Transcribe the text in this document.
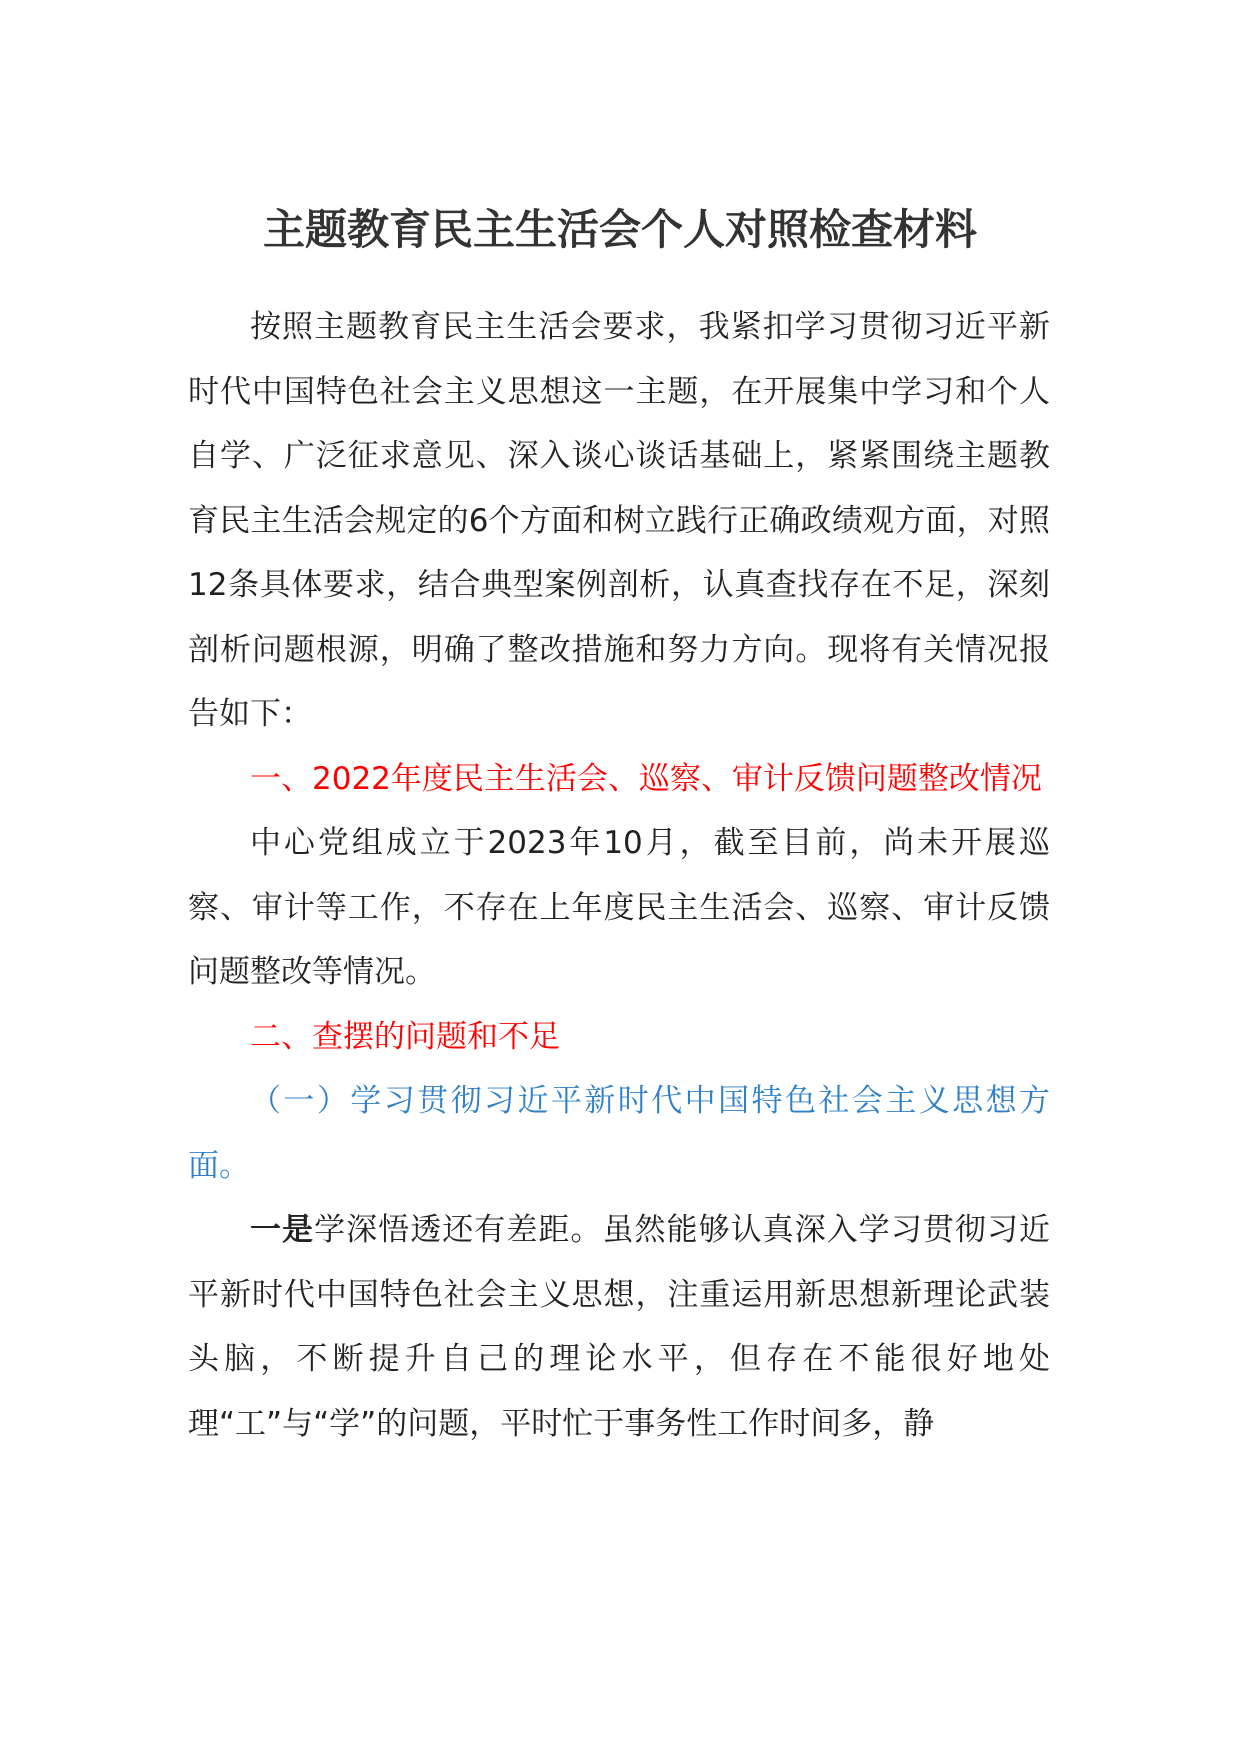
主题教育民主生活会个人对照检查材料

按照主题教育民主生活会要求，我紧扣学习贯彻习近平新时代中国特色社会主义思想这一主题，在开展集中学习和个人自学、广泛征求意见、深入谈心谈话基础上，紧紧围绕主题教育民主生活会规定的6个方面和树立践行正确政绩观方面，对照12条具体要求，结合典型案例剖析，认真查找存在不足，深刻剖析问题根源，明确了整改措施和努力方向。现将有关情况报告如下：

一、2022年度民主生活会、巡察、审计反馈问题整改情况

中心党组成立于2023年10月，截至目前，尚未开展巡察、审计等工作，不存在上年度民主生活会、巡察、审计反馈问题整改等情况。

二、查摆的问题和不足

（一）学习贯彻习近平新时代中国特色社会主义思想方面。

一是学深悟透还有差距。虽然能够认真深入学习贯彻习近平新时代中国特色社会主义思想，注重运用新思想新理论武装头脑，不断提升自己的理论水平，但存在不能很好地处理“工”与“学”的问题，平时忙于事务性工作时间多，静
